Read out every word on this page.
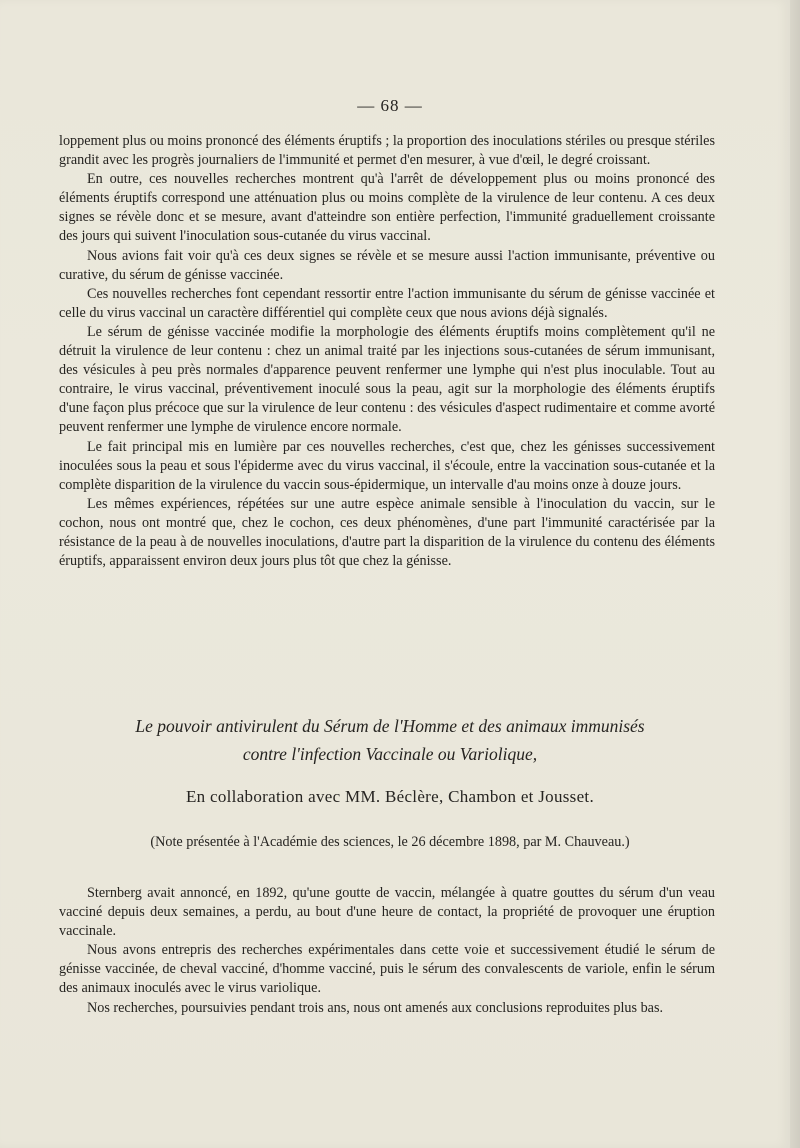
— 68 —

loppement plus ou moins prononcé des éléments éruptifs ; la proportion des inoculations stériles ou presque stériles grandit avec les progrès journaliers de l'immunité et permet d'en mesurer, à vue d'œil, le degré croissant.

En outre, ces nouvelles recherches montrent qu'à l'arrêt de développement plus ou moins prononcé des éléments éruptifs correspond une atténuation plus ou moins complète de la virulence de leur contenu. A ces deux signes se révèle donc et se mesure, avant d'atteindre son entière perfection, l'immunité graduellement croissante des jours qui suivent l'inoculation sous-cutanée du virus vaccinal.

Nous avions fait voir qu'à ces deux signes se révèle et se mesure aussi l'action immunisante, préventive ou curative, du sérum de génisse vaccinée.

Ces nouvelles recherches font cependant ressortir entre l'action immunisante du sérum de génisse vaccinée et celle du virus vaccinal un caractère différentiel qui complète ceux que nous avions déjà signalés.

Le sérum de génisse vaccinée modifie la morphologie des éléments éruptifs moins complètement qu'il ne détruit la virulence de leur contenu : chez un animal traité par les injections sous-cutanées de sérum immunisant, des vésicules à peu près normales d'apparence peuvent renfermer une lymphe qui n'est plus inoculable. Tout au contraire, le virus vaccinal, préventivement inoculé sous la peau, agit sur la morphologie des éléments éruptifs d'une façon plus précoce que sur la virulence de leur contenu : des vésicules d'aspect rudimentaire et comme avorté peuvent renfermer une lymphe de virulence encore normale.

Le fait principal mis en lumière par ces nouvelles recherches, c'est que, chez les génisses successivement inoculées sous la peau et sous l'épiderme avec du virus vaccinal, il s'écoule, entre la vaccination sous-cutanée et la complète disparition de la virulence du vaccin sous-épidermique, un intervalle d'au moins onze à douze jours.

Les mêmes expériences, répétées sur une autre espèce animale sensible à l'inoculation du vaccin, sur le cochon, nous ont montré que, chez le cochon, ces deux phénomènes, d'une part l'immunité caractérisée par la résistance de la peau à de nouvelles inoculations, d'autre part la disparition de la virulence du contenu des éléments éruptifs, apparaissent environ deux jours plus tôt que chez la génisse.

Le pouvoir antivirulent du Sérum de l'Homme et des animaux immunisés
contre l'infection Vaccinale ou Variolique,
En collaboration avec MM. Béclère, Chambon et Jousset.
(Note présentée à l'Académie des sciences, le 26 décembre 1898, par M. Chauveau.)

Sternberg avait annoncé, en 1892, qu'une goutte de vaccin, mélangée à quatre gouttes du sérum d'un veau vacciné depuis deux semaines, a perdu, au bout d'une heure de contact, la propriété de provoquer une éruption vaccinale.

Nous avons entrepris des recherches expérimentales dans cette voie et successivement étudié le sérum de génisse vaccinée, de cheval vacciné, d'homme vacciné, puis le sérum des convalescents de variole, enfin le sérum des animaux inoculés avec le virus variolique.

Nos recherches, poursuivies pendant trois ans, nous ont amenés aux conclusions reproduites plus bas.
